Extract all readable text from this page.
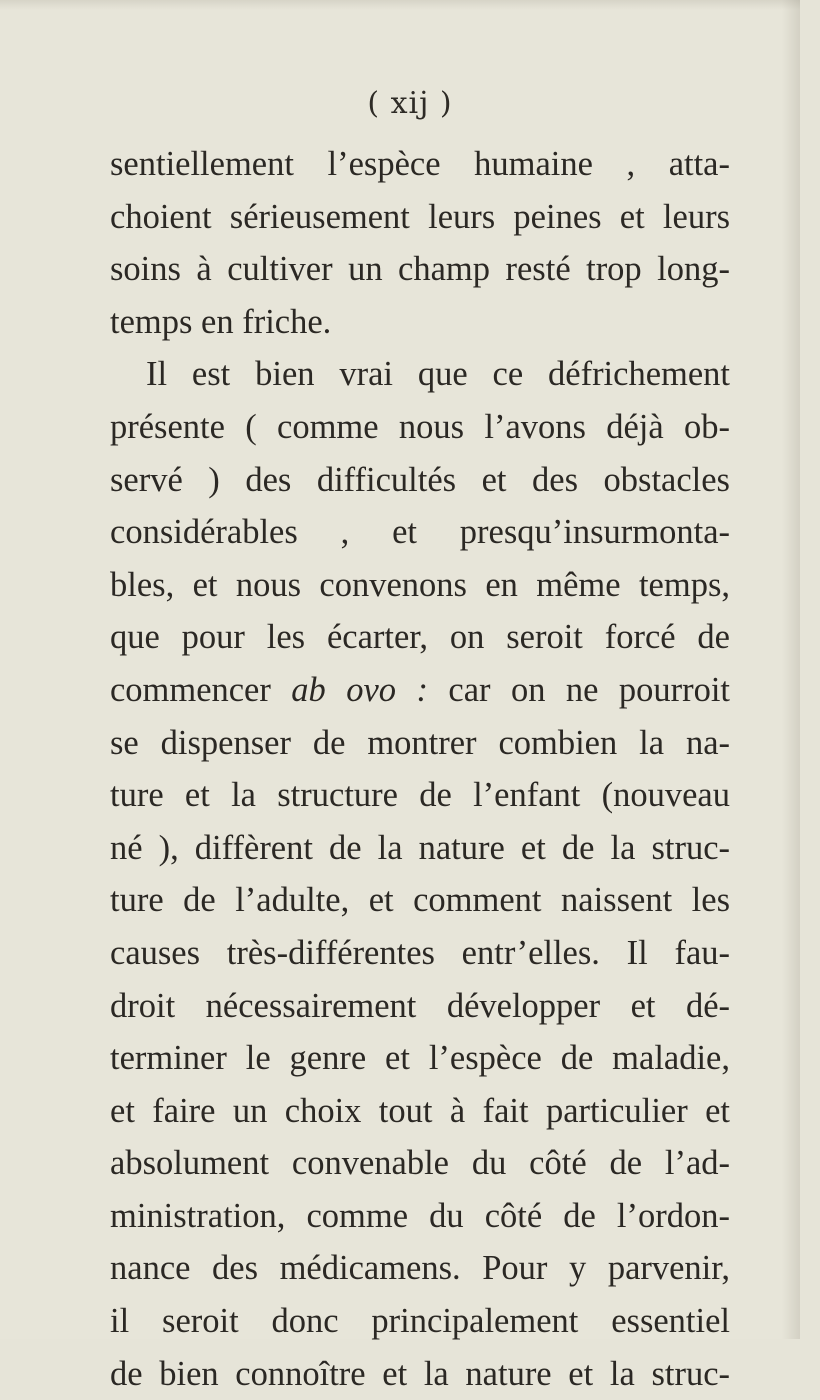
( xij )
sentiellement l’espèce humaine , atta-
choient sérieusement leurs peines et leurs
soins à cultiver un champ resté trop long-
temps en friche.
Il est bien vrai que ce défrichement
présente ( comme nous l’avons déjà ob-
servé ) des difficultés et des obstacles
considérables , et presqu’insurmonta-
bles, et nous convenons en même temps,
que pour les écarter, on seroit forcé de
commencer ab ovo : car on ne pourroit
se dispenser de montrer combien la na-
ture et la structure de l’enfant (nouveau
né ), diffèrent de la nature et de la struc-
ture de l’adulte, et comment naissent les
causes très-différentes entr’elles. Il fau-
droit nécessairement développer et dé-
terminer le genre et l’espèce de maladie,
et faire un choix tout à fait particulier et
absolument convenable du côté de l’ad-
ministration, comme du côté de l’ordon-
nance des médicamens. Pour y parvenir,
il seroit donc principalement essentiel
de bien connoître et la nature et la struc-
